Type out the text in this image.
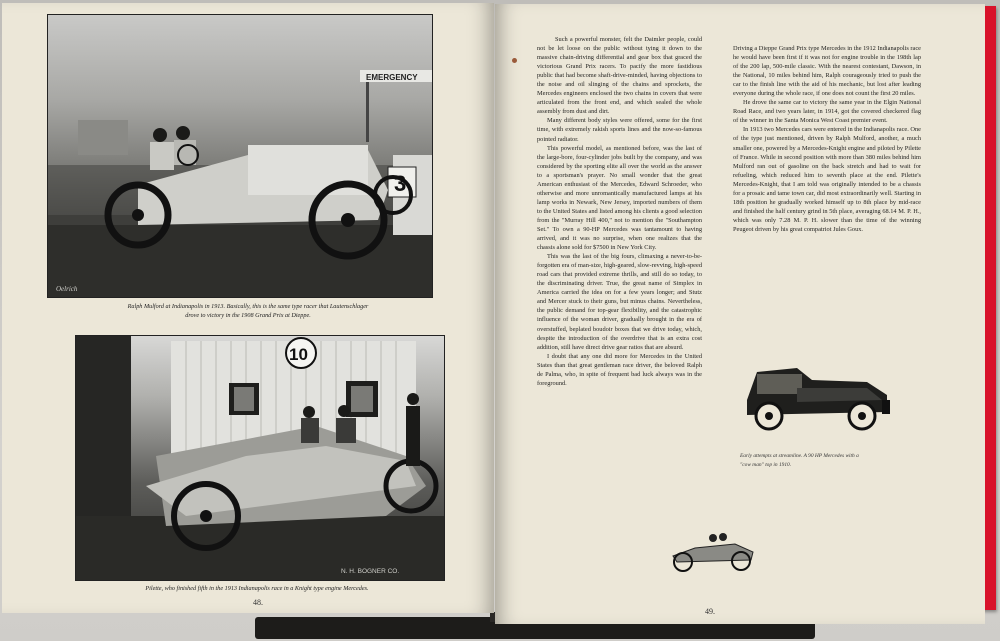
EMERGENCY
3
Oelrich
Ralph Mulford at Indianapolis in 1913. Basically, this is the same type racer that Lautenschlager
drove to victory in the 1908 Grand Prix at Dieppe.
10
N. H. BOGNER CO.
Pilette, who finished fifth in the 1913 Indianapolis race in a Knight type engine Mercedes.
48.

Such a powerful monster, felt the Daimler people, could not be let loose on the public without tying it down to the massive chain-driving differential and gear box that graced the victorious Grand Prix racers. To pacify the more fastidious public that had become shaft-drive-minded, having objections to the noise and oil slinging of the chains and sprockets, the Mercedes engineers enclosed the two chains in covers that were articulated from the front end, and which sealed the whole assembly from dust and dirt.

Many different body styles were offered, some for the first time, with extremely rakish sports lines and the now-so-famous pointed radiator.

This powerful model, as mentioned before, was the last of the large-bore, four-cylinder jobs built by the company, and was considered by the sporting elite all over the world as the answer to a sportsman's prayer. No small wonder that the great American enthusiast of the Mercedes, Edward Schroeder, who otherwise and more unromantically manufactured lamps at his lamp works in Newark, New Jersey, imported numbers of them to the United States and listed among his clients a good selection from the "Murray Hill 400," not to mention the "Southampton Set." To own a 90-HP Mercedes was tantamount to having arrived, and it was no surprise, when one realizes that the chassis alone sold for $7500 in New York City.

This was the last of the big fours, climaxing a never-to-be-forgotten era of man-size, high-geared, slow-revving, high-speed road cars that provided extreme thrills, and still do so today, to the discriminating driver. True, the great name of Simplex in America carried the idea on for a few years longer; and Stutz and Mercer stuck to their guns, but minus chains. Nevertheless, the public demand for top-gear flexibility, and the catastrophic influence of the woman driver, gradually brought in the era of overstuffed, beplated boudoir boxes that we drive today, which, despite the introduction of the overdrive that is an extra cost addition, still have direct drive gear ratios that are absurd.

I doubt that any one did more for Mercedes in the United States than that great gentleman race driver, the beloved Ralph de Palma, who, in spite of frequent bad luck always was in the foreground.

Driving a Dieppe Grand Prix type Mercedes in the 1912 Indianapolis race he would have been first if it was not for engine trouble in the 198th lap of the 200 lap, 500-mile classic. With the nearest contestant, Dawson, in the National, 10 miles behind him, Ralph courageously tried to push the car to the finish line with the aid of his mechanic, but lost after leading everyone during the whole race, if one does not count the first 20 miles.

He drove the same car to victory the same year in the Elgin National Road Race, and two years later, in 1914, got the covered checkered flag of the winner in the Santa Monica West Coast premier event.

In 1913 two Mercedes cars were entered in the Indianapolis race. One of the type just mentioned, driven by Ralph Mulford, another, a much smaller one, powered by a Mercedes-Knight engine and piloted by Pilette of France. While in second position with more than 380 miles behind him Mulford ran out of gasoline on the back stretch and had to wait for refueling, which reduced him to seventh place at the end. Pilette's Mercedes-Knight, that I am told was originally intended to be a chassis for a prosaic and tame town car, did most extraordinarily well. Starting in 18th position he gradually worked himself up to 8th place by mid-race and finished the half century grind in 5th place, averaging 68.14 M. P. H., which was only 7.28 M. P. H. slower than the time of the winning Peugeot driven by his great compatriot Jules Goux.

Early attempts at streamline. A 90 HP Mercedes with a "cow man" top in 1910.
49.
